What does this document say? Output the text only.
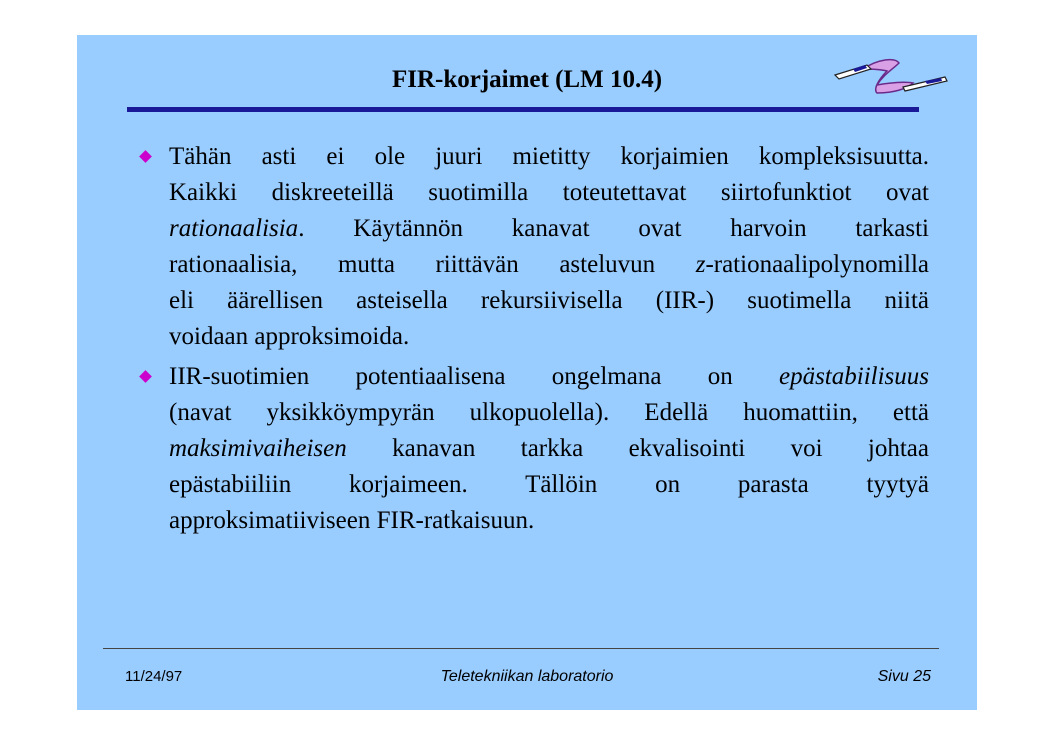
FIR-korjaimet (LM 10.4)
Tähän asti ei ole juuri mietitty korjaimien kompleksisuutta.
Kaikki diskreeteillä suotimilla toteutettavat siirtofunktiot ovat
rationaalisia. Käytännön kanavat ovat harvoin tarkasti
rationaalisia, mutta riittävän asteluvun z-rationaalipolynomilla
eli äärellisen asteisella rekursiivisella (IIR-) suotimella niitä
voidaan approksimoida.
IIR-suotimien potentiaalisena ongelmana on epästabiilisuus
(navat yksikköympyrän ulkopuolella). Edellä huomattiin, että
maksimivaiheisen kanavan tarkka ekvalisointi voi johtaa
epästabiiliin korjaimeen. Tällöin on parasta tyytyä
approksimatiiviseen FIR-ratkaisuun.
11/24/97	Teletekniikan laboratorio	Sivu 25
